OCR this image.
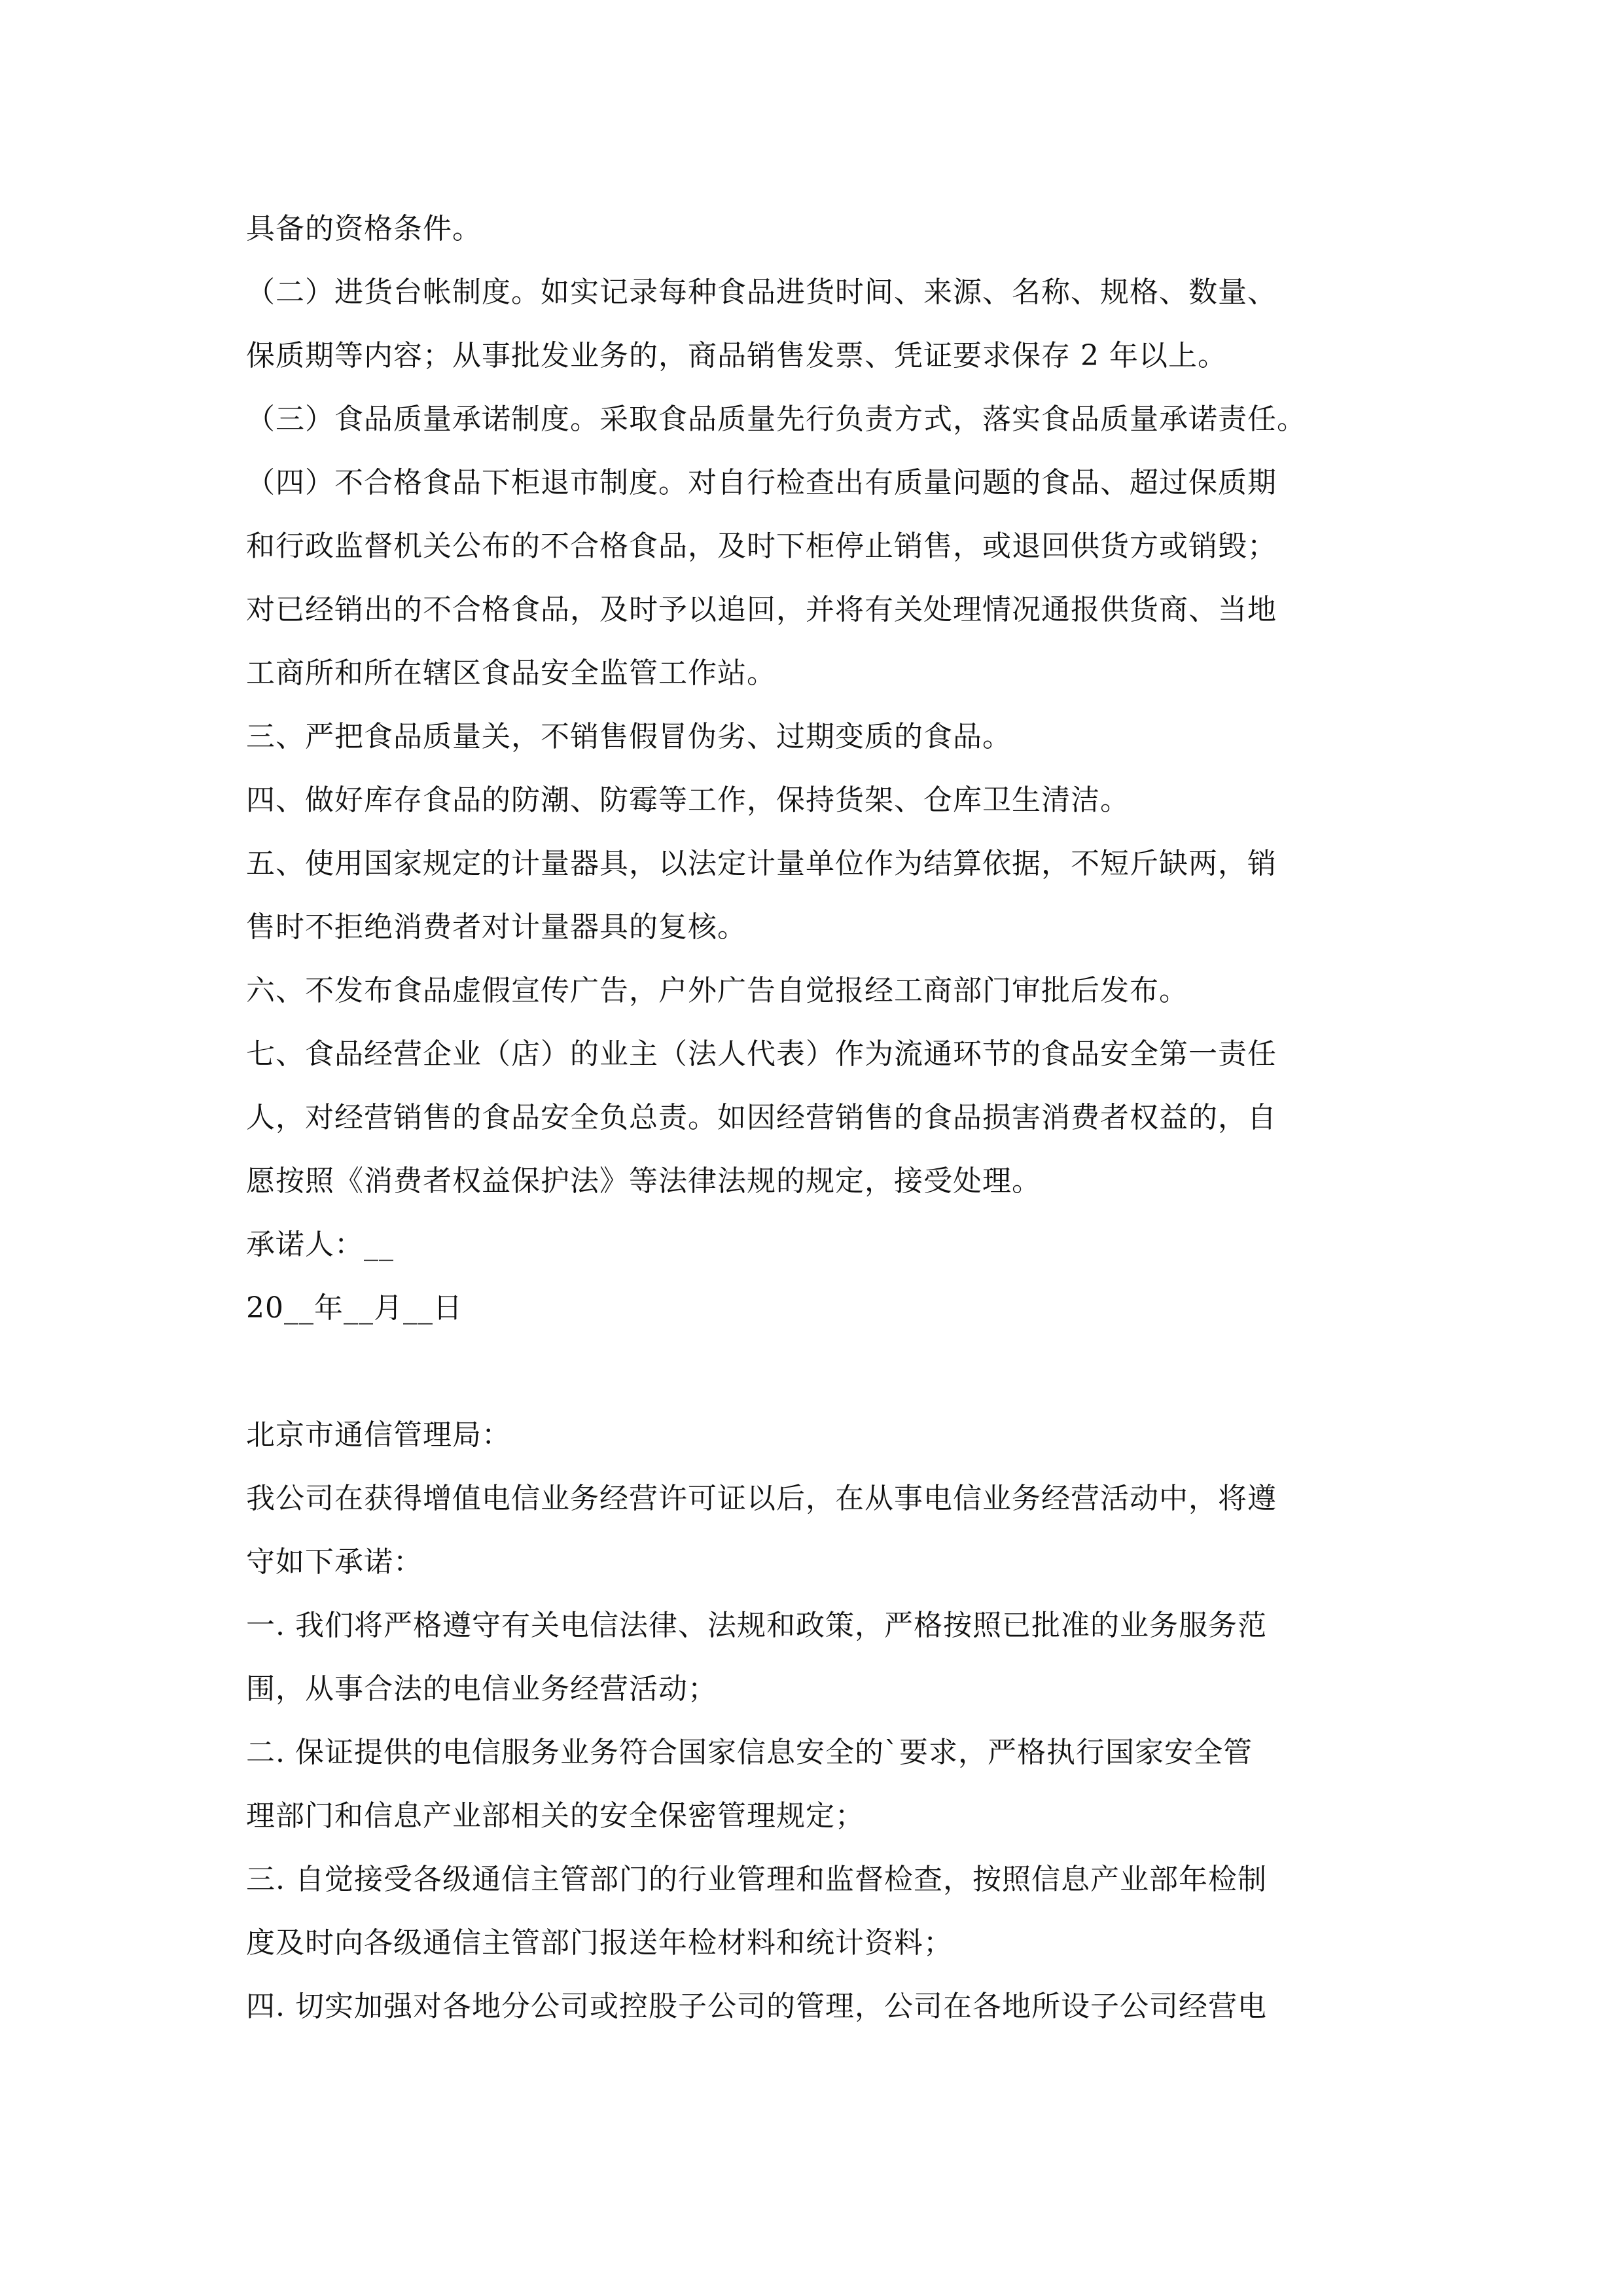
具备的资格条件。

（二）进货台帐制度。如实记录每种食品进货时间、来源、名称、规格、数量、

保质期等内容；从事批发业务的，商品销售发票、凭证要求保存 2 年以上。

（三）食品质量承诺制度。采取食品质量先行负责方式，落实食品质量承诺责任。

（四）不合格食品下柜退市制度。对自行检查出有质量问题的食品、超过保质期

和行政监督机关公布的不合格食品，及时下柜停止销售，或退回供货方或销毁；

对已经销出的不合格食品，及时予以追回，并将有关处理情况通报供货商、当地

工商所和所在辖区食品安全监管工作站。

三、严把食品质量关，不销售假冒伪劣、过期变质的食品。

四、做好库存食品的防潮、防霉等工作，保持货架、仓库卫生清洁。

五、使用国家规定的计量器具，以法定计量单位作为结算依据，不短斤缺两，销

售时不拒绝消费者对计量器具的复核。

六、不发布食品虚假宣传广告，户外广告自觉报经工商部门审批后发布。

七、食品经营企业（店）的业主（法人代表）作为流通环节的食品安全第一责任

人，对经营销售的食品安全负总责。如因经营销售的食品损害消费者权益的，自

愿按照《消费者权益保护法》等法律法规的规定，接受处理。

承诺人：__

20__年__月__日

北京市通信管理局：

我公司在获得增值电信业务经营许可证以后，在从事电信业务经营活动中，将遵

守如下承诺：

一. 我们将严格遵守有关电信法律、法规和政策，严格按照已批准的业务服务范

围，从事合法的电信业务经营活动；

二. 保证提供的电信服务业务符合国家信息安全的`要求，严格执行国家安全管

理部门和信息产业部相关的安全保密管理规定；

三. 自觉接受各级通信主管部门的行业管理和监督检查，按照信息产业部年检制

度及时向各级通信主管部门报送年检材料和统计资料；

四. 切实加强对各地分公司或控股子公司的管理，公司在各地所设子公司经营电
